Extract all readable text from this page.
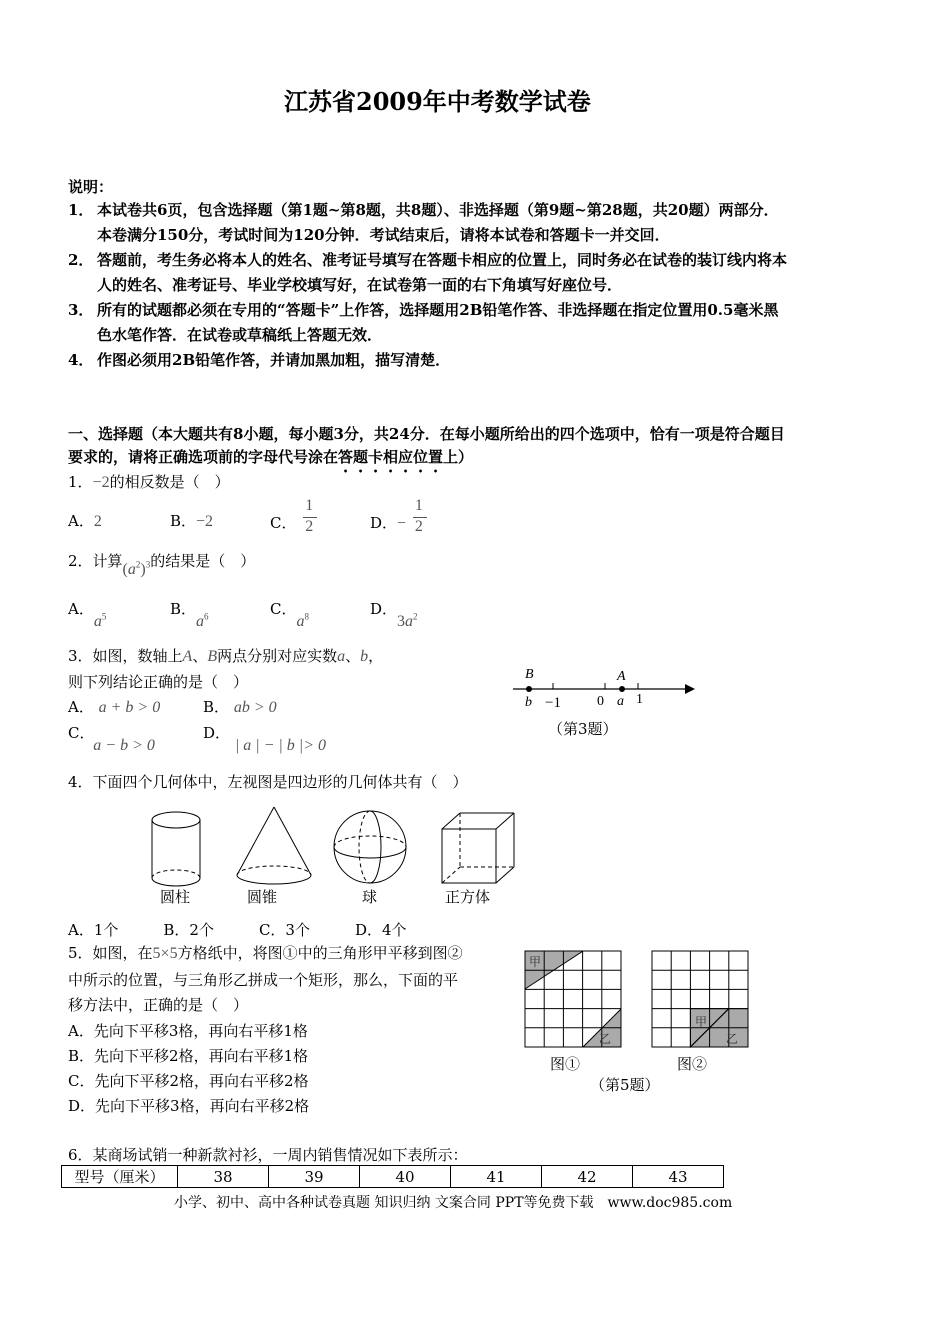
江苏省2009年中考数学试卷
说明：
1． 本试卷共6页，包含选择题（第1题~第8题，共8题）、非选择题（第9题~第28题，共20题）两部分．
本卷满分150分，考试时间为120分钟．考试结束后，请将本试卷和答题卡一并交回．
2． 答题前，考生务必将本人的姓名、准考证号填写在答题卡相应的位置上，同时务必在试卷的装订线内将本
人的姓名、准考证号、毕业学校填写好，在试卷第一面的右下角填写好座位号．
3． 所有的试题都必须在专用的“答题卡”上作答，选择题用2B铅笔作答、非选择题在指定位置用0.5毫米黑
色水笔作答．在试卷或草稿纸上答题无效．
4． 作图必须用2B铅笔作答，并请加黑加粗，描写清楚．
一、选择题（本大题共有8小题，每小题3分，共24分．在每小题所给出的四个选项中，恰有一项是符合题目
要求的，请将正确选项前的字母代号涂在答题卡相应位置上）
1．−2的相反数是（　）
A．2	B．−2	C． $\frac{1}{2}$	D．− $\frac{1}{2}$
2．计算$(a^2)^3$的结果是（　）
A．$a^5$	B．$a^6$	C．$a^8$	D．$3a^2$
3．如图，数轴上A、B两点分别对应实数a、b，
则下列结论正确的是（　）
A． a + b > 0	B． ab > 0
C． a − b > 0
D． | a | − | b |> 0
B	A
b −1	0 a 1
（第3题）
4．下面四个几何体中，左视图是四边形的几何体共有（　）
圆柱	圆锥	球	正方体
A．1个　　　B．2个　　　C．3个　　　D．4个
5．如图，在5×5方格纸中，将图①中的三角形甲平移到图②
中所示的位置，与三角形乙拼成一个矩形，那么，下面的平
移方法中，正确的是（　）
A．先向下平移3格，再向右平移1格
B．先向下平移2格，再向右平移1格
C．先向下平移2格，再向右平移2格
D．先向下平移3格，再向右平移2格
甲
乙
甲
乙
图①	图②
（第5题）
6．某商场试销一种新款衬衫，一周内销售情况如下表所示：
型号（厘米）	38	39	40	41	42	43
小学、初中、高中各种试卷真题 知识归纳 文案合同 PPT等免费下载　www.doc985.com
